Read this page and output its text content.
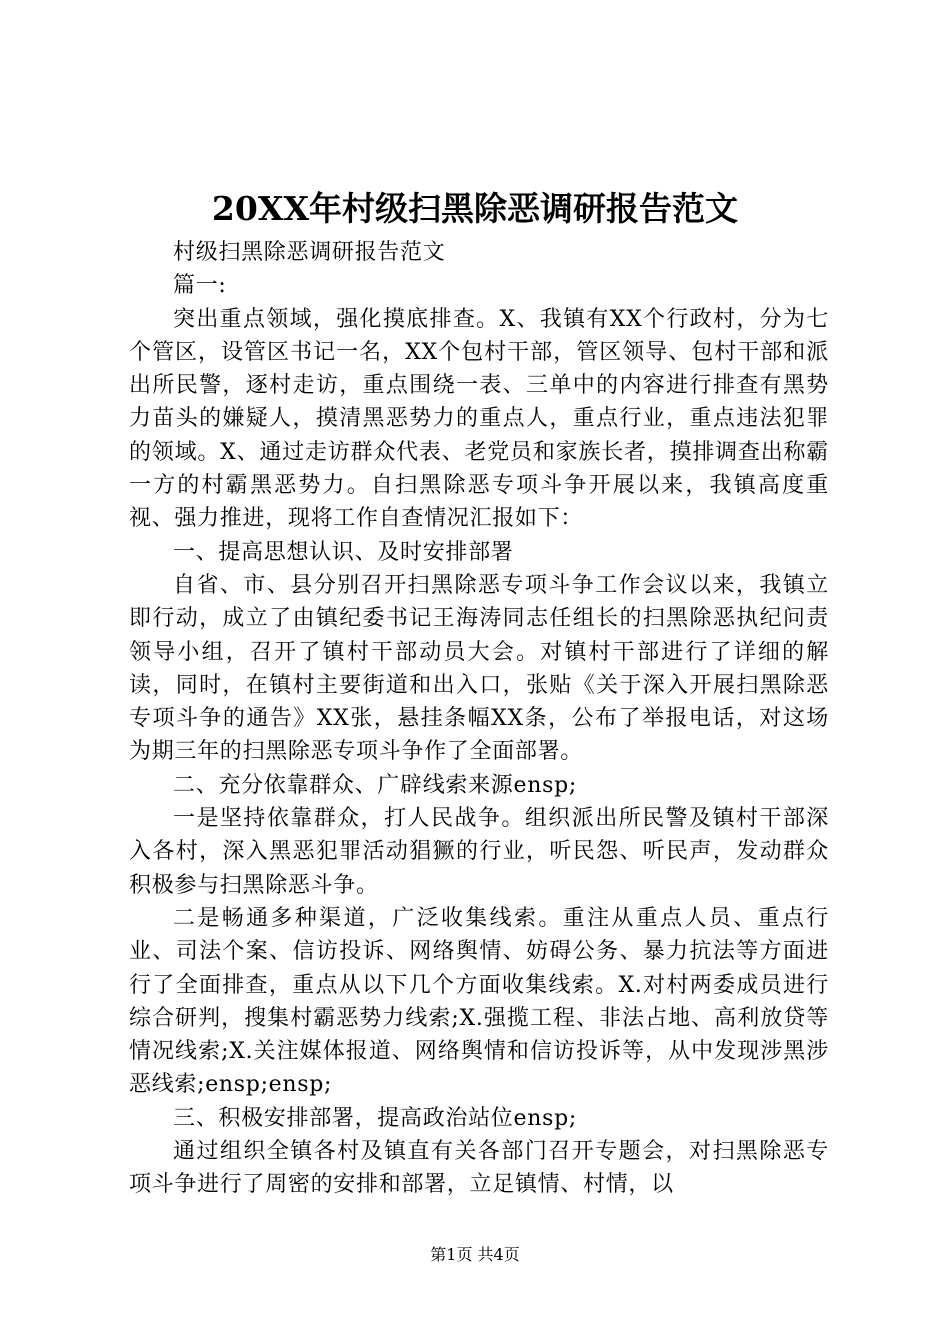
20XX年村级扫黑除恶调研报告范文

村级扫黑除恶调研报告范文

篇一:

突出重点领域，强化摸底排查。X、我镇有XX个行政村，分为七个管区，设管区书记一名，XX个包村干部，管区领导、包村干部和派出所民警，逐村走访，重点围绕一表、三单中的内容进行排查有黑势力苗头的嫌疑人，摸清黑恶势力的重点人，重点行业，重点违法犯罪的领域。X、通过走访群众代表、老党员和家族长者，摸排调查出称霸一方的村霸黑恶势力。自扫黑除恶专项斗争开展以来，我镇高度重视、强力推进，现将工作自查情况汇报如下：

一、提高思想认识、及时安排部署

自省、市、县分别召开扫黑除恶专项斗争工作会议以来，我镇立即行动，成立了由镇纪委书记王海涛同志任组长的扫黑除恶执纪问责领导小组，召开了镇村干部动员大会。对镇村干部进行了详细的解读，同时，在镇村主要街道和出入口，张贴《关于深入开展扫黑除恶专项斗争的通告》XX张，悬挂条幅XX条，公布了举报电话，对这场为期三年的扫黑除恶专项斗争作了全面部署。

二、充分依靠群众、广辟线索来源ensp;

一是坚持依靠群众，打人民战争。组织派出所民警及镇村干部深入各村，深入黑恶犯罪活动猖獗的行业，听民怨、听民声，发动群众积极参与扫黑除恶斗争。

二是畅通多种渠道，广泛收集线索。重注从重点人员、重点行业、司法个案、信访投诉、网络舆情、妨碍公务、暴力抗法等方面进行了全面排查，重点从以下几个方面收集线索。X.对村两委成员进行综合研判，搜集村霸恶势力线索;X.强揽工程、非法占地、高利放贷等情况线索;X.关注媒体报道、网络舆情和信访投诉等，从中发现涉黑涉恶线索;ensp;ensp;

三、积极安排部署，提高政治站位ensp;

通过组织全镇各村及镇直有关各部门召开专题会，对扫黑除恶专项斗争进行了周密的安排和部署，立足镇情、村情，以

第1页 共4页
